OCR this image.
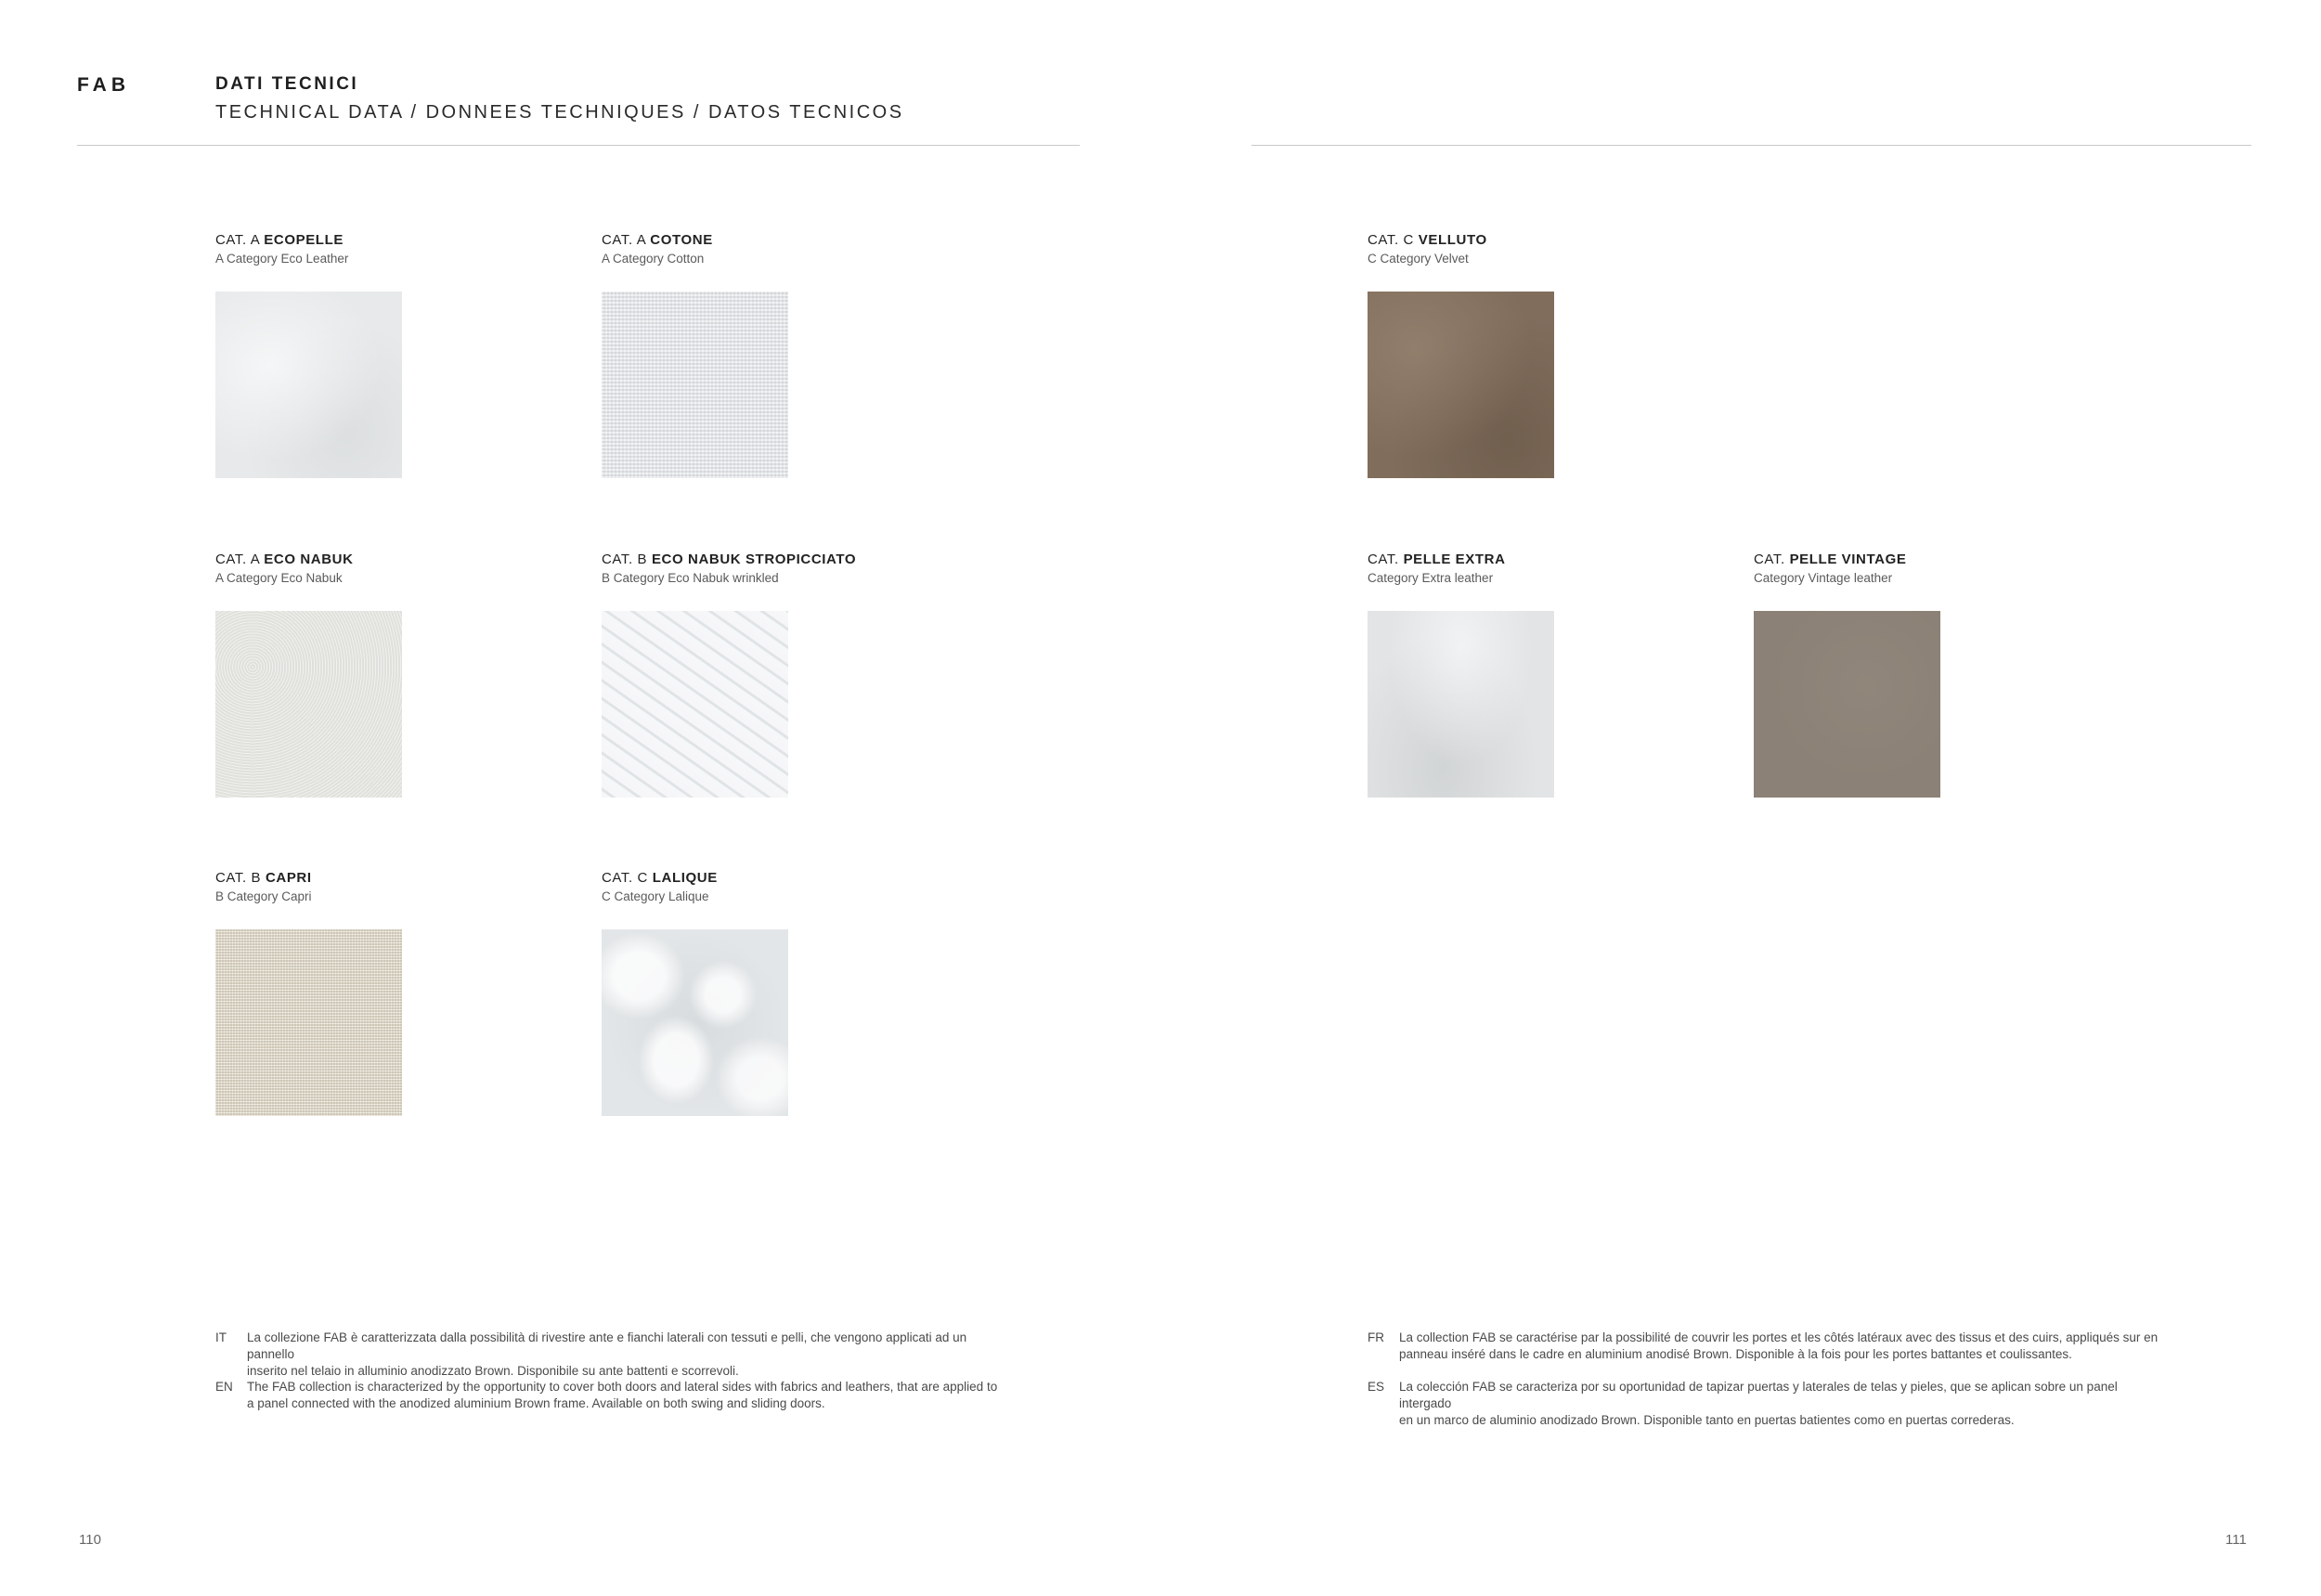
FAB	DATI TECNICI
TECHNICAL DATA / DONNEES TECHNIQUES / DATOS TECNICOS
CAT. A ECOPELLE
A Category Eco Leather
CAT. A COTONE
A Category Cotton
CAT. C VELLUTO
C Category Velvet
CAT. A ECO NABUK
A Category Eco Nabuk
CAT. B ECO NABUK STROPICCIATO
B Category Eco Nabuk wrinkled
CAT. PELLE EXTRA
Category Extra leather
CAT. PELLE VINTAGE
Category Vintage leather
CAT. B CAPRI
B Category Capri
CAT. C LALIQUE
C Category Lalique
IT	La collezione FAB è caratterizzata dalla possibilità di rivestire ante e fianchi laterali con tessuti e pelli, che vengono applicati ad un pannello
inserito nel telaio in alluminio anodizzato Brown. Disponibile su ante battenti e scorrevoli.
EN	The FAB collection is characterized by the opportunity to cover both doors and lateral sides with fabrics and leathers, that are applied to
a panel connected with the anodized aluminium Brown frame. Available on both swing and sliding doors.
FR	La collection FAB se caractérise par la possibilité de couvrir les portes et les côtés latéraux avec des tissus et des cuirs, appliqués sur en
panneau inséré dans le cadre en aluminium anodisé Brown. Disponible à la fois pour les portes battantes et coulissantes.
ES	La colección FAB se caracteriza por su oportunidad de tapizar puertas y laterales de telas y pieles, que se aplican sobre un panel intergado
en un marco de aluminio anodizado Brown. Disponible tanto en puertas batientes como en puertas correderas.
110	111
